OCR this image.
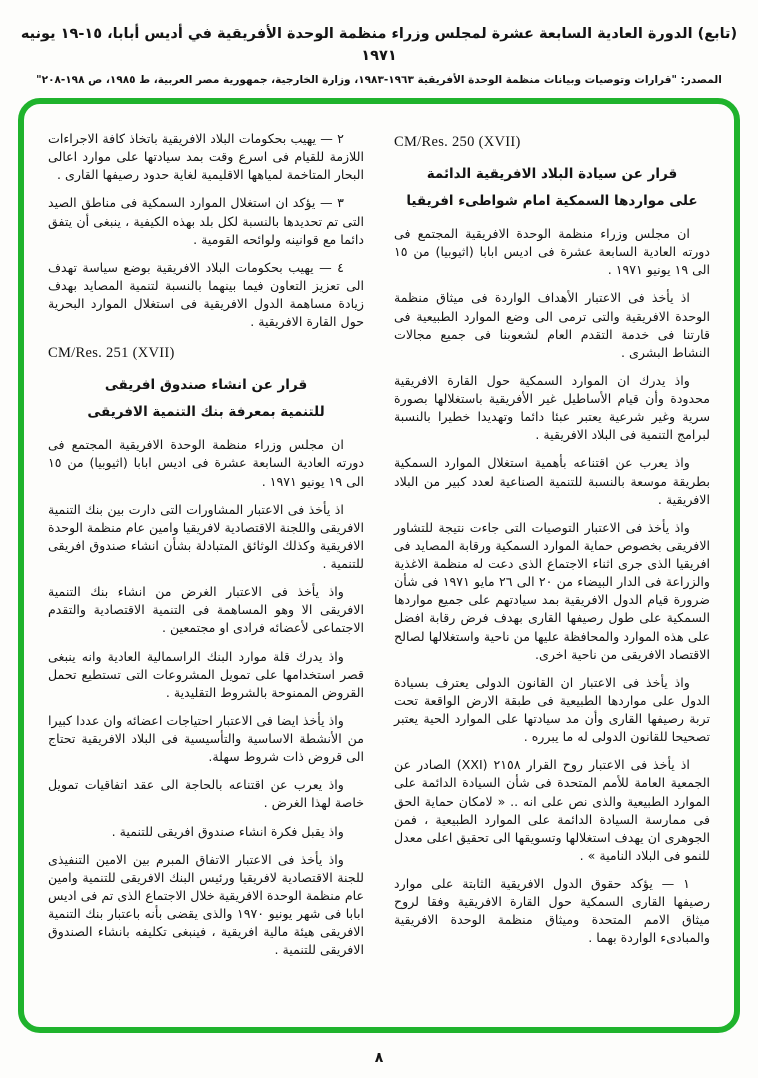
(تابع) الدورة العادية السابعة عشرة لمجلس وزراء منظمة الوحدة الأفريقية في أديس أبابا، ١٥-١٩ يونيه ١٩٧١
المصدر: "قرارات وتوصيات وبيانات منظمة الوحدة الأفريقية ١٩٦٣-١٩٨٣، وزارة الخارجية، جمهورية مصر العربية، ط ١٩٨٥، ص ١٩٨-٢٠٨"
CM/Res. 250 (XVII)
قرار عن سيادة البلاد الافريقية الدائمة
على مواردها السمكية امام شواطىء افريقيا

ان مجلس وزراء منظمة الوحدة الافريقية المجتمع فى دورته العادية السابعة عشرة فى اديس ابابا (اثيوبيا) من ١٥ الى ١٩ يونيو ١٩٧١ .

اذ يأخذ فى الاعتبار الأهداف الواردة فى ميثاق منظمة الوحدة الافريقية والتى ترمى الى وضع الموارد الطبيعية فى قارتنا فى خدمة التقدم العام لشعوبنا فى جميع مجالات النشاط البشرى .

واذ يدرك ان الموارد السمكية حول القارة الافريقية محدودة وأن قيام الأساطيل غير الأفريقية باستغلالها بصورة سرية وغير شرعية يعتبر عبئا دائما وتهديدا خطيرا بالنسبة لبرامج التنمية فى البلاد الافريقية .

واذ يعرب عن اقتناعه بأهمية استغلال الموارد السمكية بطريقة موسعة بالنسبة للتنمية الصناعية لعدد كبير من البلاد الافريقية .

واذ يأخذ فى الاعتبار التوصيات التى جاءت نتيجة للتشاور الافريقى بخصوص حماية الموارد السمكية ورقابة المصايد فى افريقيا الذى جرى اثناء الاجتماع الذى دعت له منظمة الاغذية والزراعة فى الدار البيضاء من ٢٠ الى ٢٦ مايو ١٩٧١ فى شأن ضرورة قيام الدول الافريقية بمد سيادتهم على جميع مواردها السمكية على طول رصيفها القارى بهدف فرض رقابة افضل على هذه الموارد والمحافظة عليها من ناحية واستغلالها لصالح الاقتصاد الافريقى من ناحية اخرى.

واذ يأخذ فى الاعتبار ان القانون الدولى يعترف بسيادة الدول على مواردها الطبيعية فى طبقة الارض الواقعة تحت تربة رصيفها القارى وأن مد سيادتها على الموارد الحية يعتبر تصحيحا للقانون الدولى له ما يبرره .

اذ يأخذ فى الاعتبار روح القرار ٢١٥٨ (XXI) الصادر عن الجمعية العامة للأمم المتحدة فى شأن السيادة الدائمة على الموارد الطبيعية والذى نص على انه .. « لامكان حماية الحق فى ممارسة السيادة الدائمة على الموارد الطبيعية ، فمن الجوهرى ان يهدف استغلالها وتسويقها الى تحقيق اعلى معدل للنمو فى البلاد النامية » .

١ — يؤكد حقوق الدول الافريقية الثابتة على موارد رصيفها القارى السمكية حول القارة الافريقية وفقا لروح ميثاق الامم المتحدة وميثاق منظمة الوحدة الافريقية والمبادىء الواردة بهما .

٢ — يهيب بحكومات البلاد الافريقية باتخاذ كافة الاجراءات اللازمة للقيام فى اسرع وقت بمد سيادتها على موارد اعالى البحار المتاخمة لمياهها الاقليمية لغاية حدود رصيفها القارى .

٣ — يؤكد ان استغلال الموارد السمكية فى مناطق الصيد التى تم تحديدها بالنسبة لكل بلد بهذه الكيفية ، ينبغى أن يتفق دائما مع قوانينه ولوائحه القومية .

٤ — يهيب بحكومات البلاد الافريقية بوضع سياسة تهدف الى تعزيز التعاون فيما بينهما بالنسبة لتنمية المصايد بهدف زيادة مساهمة الدول الافريقية فى استغلال الموارد البحرية حول القارة الافريقية .

CM/Res. 251 (XVII)
قرار عن انشاء صندوق افريقى
للتنمية بمعرفة بنك التنمية الافريقى

ان مجلس وزراء منظمة الوحدة الافريقية المجتمع فى دورته العادية السابعة عشرة فى اديس ابابا (اثيوبيا) من ١٥ الى ١٩ يونيو ١٩٧١ .

اذ يأخذ فى الاعتبار المشاورات التى دارت بين بنك التنمية الافريقى واللجنة الاقتصادية لافريقيا وامين عام منظمة الوحدة الافريقية وكذلك الوثائق المتبادلة بشأن انشاء صندوق افريقى للتنمية .

واذ يأخذ فى الاعتبار الغرض من انشاء بنك التنمية الافريقى الا وهو المساهمة فى التنمية الاقتصادية والتقدم الاجتماعى لأعضائه فرادى او مجتمعين .

واذ يدرك قلة موارد البنك الراسمالية العادية وانه ينبغى قصر استخدامها على تمويل المشروعات التى تستطيع تحمل القروض الممنوحة بالشروط التقليدية .

واذ يأخذ ايضا فى الاعتبار احتياجات اعضائه وان عددا كبيرا من الأنشطة الاساسية والتأسيسية فى البلاد الافريقية تحتاج الى قروض ذات شروط سهلة.

واذ يعرب عن اقتناعه بالحاجة الى عقد اتفاقيات تمويل خاصة لهذا الغرض .

واذ يقبل فكرة انشاء صندوق افريقى للتنمية .

واذ يأخذ فى الاعتبار الاتفاق المبرم بين الامين التنفيذى للجنة الاقتصادية لافريقيا ورئيس البنك الافريقى للتنمية وامين عام منظمة الوحدة الافريقية خلال الاجتماع الذى تم فى اديس ابابا فى شهر يونيو ١٩٧٠ والذى يقضى بأنه باعتبار بنك التنمية الافريقى هيئة مالية افريقية ، فينبغى تكليفه بانشاء الصندوق الافريقى للتنمية .

٨
